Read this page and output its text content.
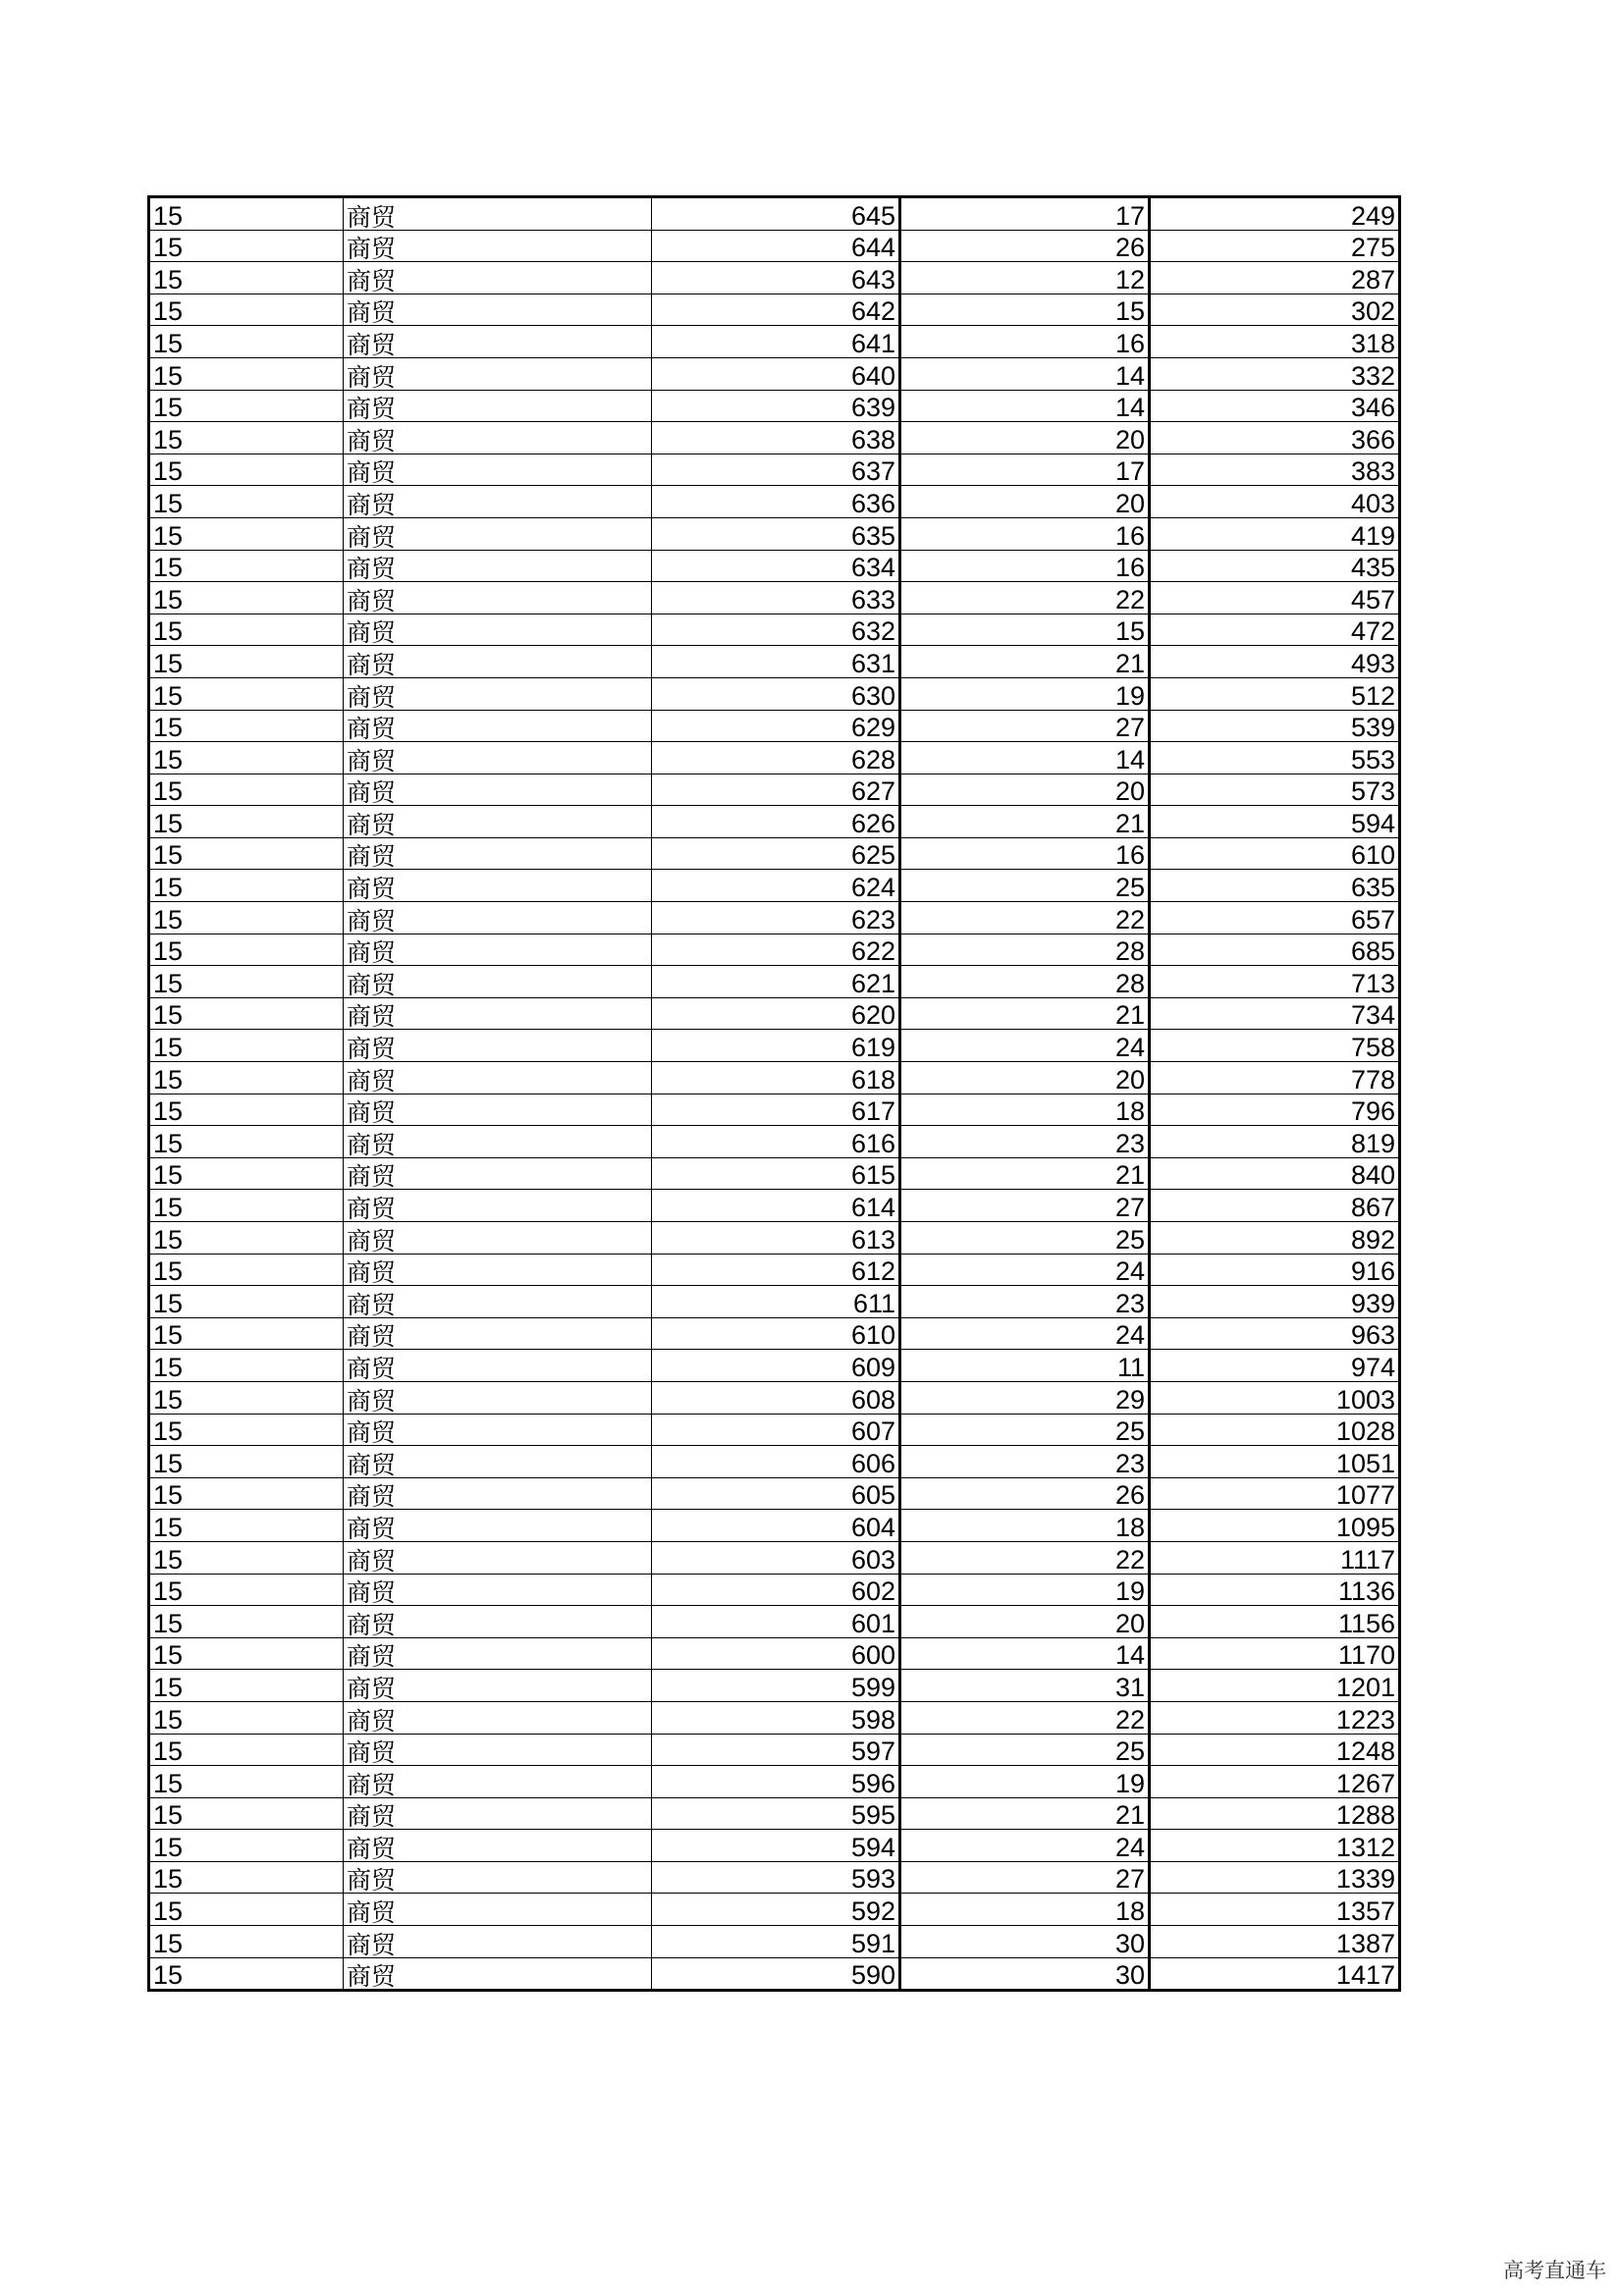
15	商贸	645	17	249
15	商贸	644	26	275
15	商贸	643	12	287
15	商贸	642	15	302
15	商贸	641	16	318
15	商贸	640	14	332
15	商贸	639	14	346
15	商贸	638	20	366
15	商贸	637	17	383
15	商贸	636	20	403
15	商贸	635	16	419
15	商贸	634	16	435
15	商贸	633	22	457
15	商贸	632	15	472
15	商贸	631	21	493
15	商贸	630	19	512
15	商贸	629	27	539
15	商贸	628	14	553
15	商贸	627	20	573
15	商贸	626	21	594
15	商贸	625	16	610
15	商贸	624	25	635
15	商贸	623	22	657
15	商贸	622	28	685
15	商贸	621	28	713
15	商贸	620	21	734
15	商贸	619	24	758
15	商贸	618	20	778
15	商贸	617	18	796
15	商贸	616	23	819
15	商贸	615	21	840
15	商贸	614	27	867
15	商贸	613	25	892
15	商贸	612	24	916
15	商贸	611	23	939
15	商贸	610	24	963
15	商贸	609	11	974
15	商贸	608	29	1003
15	商贸	607	25	1028
15	商贸	606	23	1051
15	商贸	605	26	1077
15	商贸	604	18	1095
15	商贸	603	22	1117
15	商贸	602	19	1136
15	商贸	601	20	1156
15	商贸	600	14	1170
15	商贸	599	31	1201
15	商贸	598	22	1223
15	商贸	597	25	1248
15	商贸	596	19	1267
15	商贸	595	21	1288
15	商贸	594	24	1312
15	商贸	593	27	1339
15	商贸	592	18	1357
15	商贸	591	30	1387
15	商贸	590	30	1417
高考直通车
